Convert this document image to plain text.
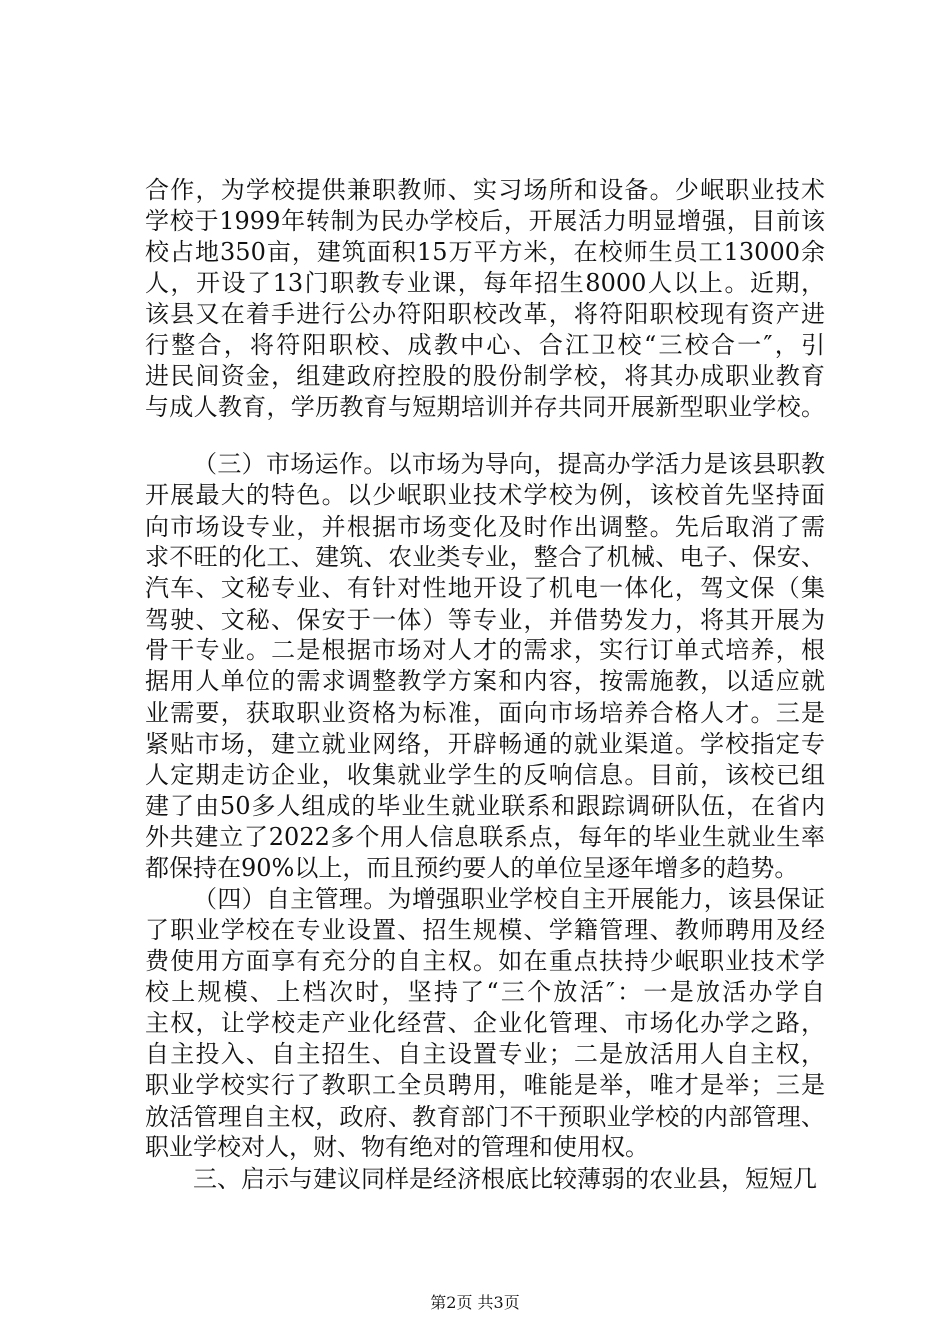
合作，为学校提供兼职教师、实习场所和设备。少岷职业技术
学校于1999年转制为民办学校后，开展活力明显增强，目前该
校占地350亩，建筑面积15万平方米，在校师生员工13000余
人，开设了13门职教专业课，每年招生8000人以上。近期，
该县又在着手进行公办符阳职校改革，将符阳职校现有资产进
行整合，将符阳职校、成教中心、合江卫校“三校合一″，引
进民间资金，组建政府控股的股份制学校，将其办成职业教育
与成人教育，学历教育与短期培训并存共同开展新型职业学校。
（三）市场运作。以市场为导向，提高办学活力是该县职教
开展最大的特色。以少岷职业技术学校为例，该校首先坚持面
向市场设专业，并根据市场变化及时作出调整。先后取消了需
求不旺的化工、建筑、农业类专业，整合了机械、电子、保安、
汽车、文秘专业、有针对性地开设了机电一体化，驾文保（集
驾驶、文秘、保安于一体）等专业，并借势发力，将其开展为
骨干专业。二是根据市场对人才的需求，实行订单式培养，根
据用人单位的需求调整教学方案和内容，按需施教，以适应就
业需要，获取职业资格为标准，面向市场培养合格人才。三是
紧贴市场，建立就业网络，开辟畅通的就业渠道。学校指定专
人定期走访企业，收集就业学生的反响信息。目前，该校已组
建了由50多人组成的毕业生就业联系和跟踪调研队伍，在省内
外共建立了2022多个用人信息联系点，每年的毕业生就业生率
都保持在90%以上，而且预约要人的单位呈逐年增多的趋势。
（四）自主管理。为增强职业学校自主开展能力，该县保证
了职业学校在专业设置、招生规模、学籍管理、教师聘用及经
费使用方面享有充分的自主权。如在重点扶持少岷职业技术学
校上规模、上档次时，坚持了“三个放活″：一是放活办学自
主权，让学校走产业化经营、企业化管理、市场化办学之路，
自主投入、自主招生、自主设置专业；二是放活用人自主权，
职业学校实行了教职工全员聘用，唯能是举，唯才是举；三是
放活管理自主权，政府、教育部门不干预职业学校的内部管理、
职业学校对人，财、物有绝对的管理和使用权。
三、启示与建议同样是经济根底比较薄弱的农业县，短短几
第2页 共3页
